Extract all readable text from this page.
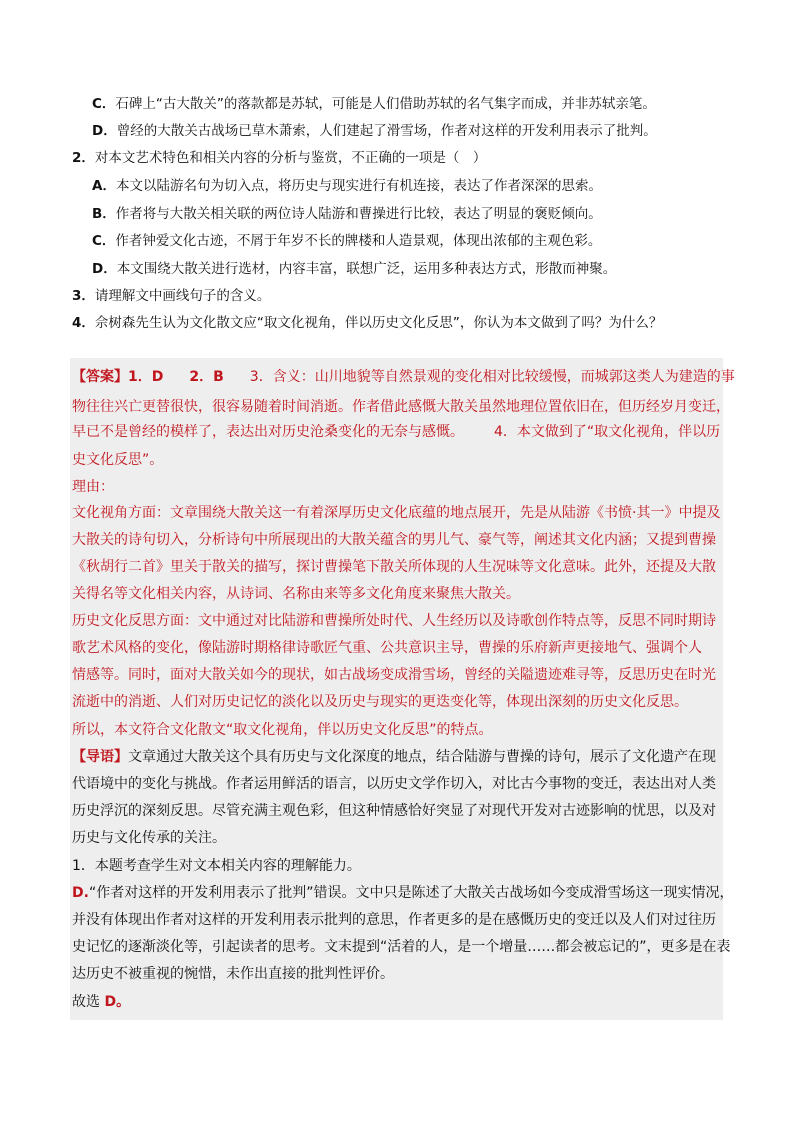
C．石碑上“古大散关”的落款都是苏轼，可能是人们借助苏轼的名气集字而成，并非苏轼亲笔。
D．曾经的大散关古战场已草木萧索，人们建起了滑雪场，作者对这样的开发利用表示了批判。
2．对本文艺术特色和相关内容的分析与鉴赏，不正确的一项是（　）
A．本文以陆游名句为切入点，将历史与现实进行有机连接，表达了作者深深的思索。
B．作者将与大散关相关联的两位诗人陆游和曹操进行比较，表达了明显的褒贬倾向。
C．作者钟爱文化古迹，不屑于年岁不长的牌楼和人造景观，体现出浓郁的主观色彩。
D．本文围绕大散关进行选材，内容丰富，联想广泛，运用多种表达方式，形散而神聚。
3．请理解文中画线句子的含义。
4．佘树森先生认为文化散文应“取文化视角，伴以历史文化反思”，你认为本文做到了吗？为什么？
【答案】1．D 2．B 3．含义：山川地貌等自然景观的变化相对比较缓慢，而城郭这类人为建造的事
物往往兴亡更替很快，很容易随着时间消逝。作者借此感慨大散关虽然地理位置依旧在，但历经岁月变迁，
早已不是曾经的模样了，表达出对历史沧桑变化的无奈与感慨。 4．本文做到了“取文化视角，伴以历
史文化反思”。
理由：
文化视角方面：文章围绕大散关这一有着深厚历史文化底蕴的地点展开，先是从陆游《书愤·其一》中提及
大散关的诗句切入，分析诗句中所展现出的大散关蕴含的男儿气、豪气等，阐述其文化内涵；又提到曹操
《秋胡行二首》里关于散关的描写，探讨曹操笔下散关所体现的人生况味等文化意味。此外，还提及大散
关得名等文化相关内容，从诗词、名称由来等多文化角度来聚焦大散关。
历史文化反思方面：文中通过对比陆游和曹操所处时代、人生经历以及诗歌创作特点等，反思不同时期诗
歌艺术风格的变化，像陆游时期格律诗歌匠气重、公共意识主导，曹操的乐府新声更接地气、强调个人
情感等。同时，面对大散关如今的现状，如古战场变成滑雪场，曾经的关隘遗迹难寻等，反思历史在时光
流逝中的消逝、人们对历史记忆的淡化以及历史与现实的更迭变化等，体现出深刻的历史文化反思。
所以，本文符合文化散文“取文化视角，伴以历史文化反思”的特点。
【导语】文章通过大散关这个具有历史与文化深度的地点，结合陆游与曹操的诗句，展示了文化遗产在现
代语境中的变化与挑战。作者运用鲜活的语言，以历史文学作切入，对比古今事物的变迁，表达出对人类
历史浮沉的深刻反思。尽管充满主观色彩，但这种情感恰好突显了对现代开发对古迹影响的忧思，以及对
历史与文化传承的关注。
1．本题考查学生对文本相关内容的理解能力。
D.“作者对这样的开发利用表示了批判”错误。文中只是陈述了大散关古战场如今变成滑雪场这一现实情况，
并没有体现出作者对这样的开发利用表示批判的意思，作者更多的是在感慨历史的变迁以及人们对过往历
史记忆的逐渐淡化等，引起读者的思考。文末提到“活着的人，是一个增量……都会被忘记的”，更多是在表
达历史不被重视的惋惜，未作出直接的批判性评价。
故选 D。
